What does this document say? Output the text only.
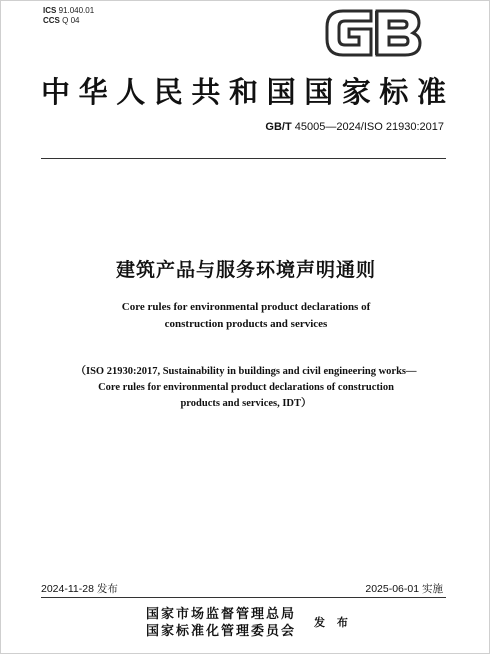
ICS 91.040.01
CCS Q 04
中华人民共和国国家标准
GB/T 45005—2024/ISO 21930:2017
建筑产品与服务环境声明通则
Core rules for environmental product declarations of
construction products and services
（ISO 21930:2017, Sustainability in buildings and civil engineering works—
Core rules for environmental product declarations of construction
products and services, IDT）
2024-11-28 发布	2025-06-01 实施
国家市场监督管理总局
国家标准化管理委员会
发 布
